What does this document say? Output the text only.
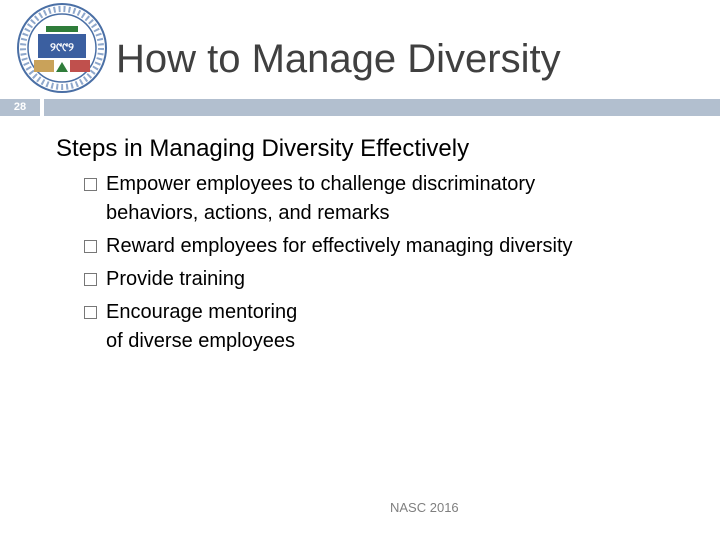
୨୯୯୨ How to Manage Diversity
28
Steps in Managing Diversity Effectively
Empower employees to challenge discriminatory
behaviors, actions, and remarks
Reward employees for effectively managing diversity
Provide training
Encourage mentoring
of diverse employees
NASC 2016
